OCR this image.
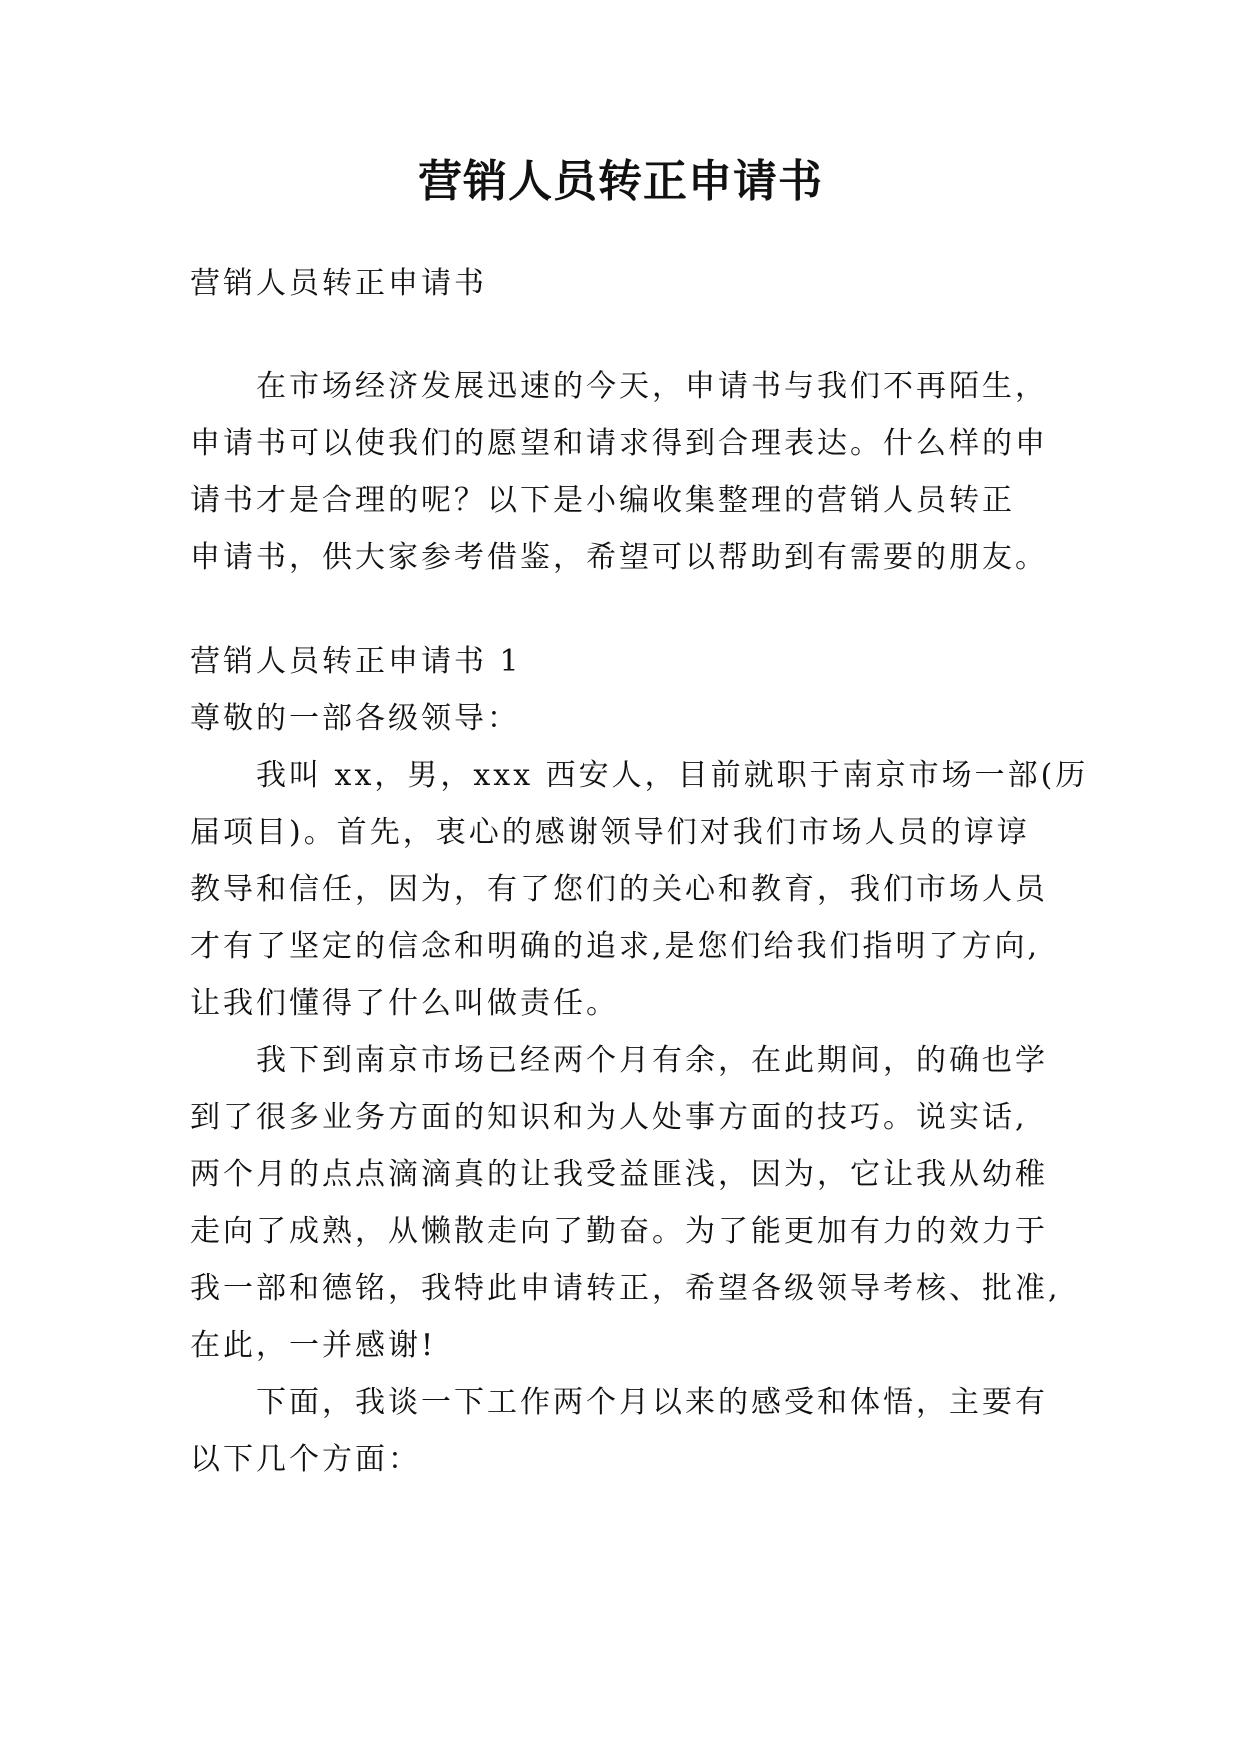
营销人员转正申请书
营销人员转正申请书
在市场经济发展迅速的今天，申请书与我们不再陌生，
申请书可以使我们的愿望和请求得到合理表达。什么样的申
请书才是合理的呢？以下是小编收集整理的营销人员转正
申请书，供大家参考借鉴，希望可以帮助到有需要的朋友。
营销人员转正申请书 1
尊敬的一部各级领导：
我叫 xx，男，xxx 西安人，目前就职于南京市场一部(历
届项目)。首先，衷心的感谢领导们对我们市场人员的谆谆
教导和信任，因为，有了您们的关心和教育，我们市场人员
才有了坚定的信念和明确的追求,是您们给我们指明了方向,
让我们懂得了什么叫做责任。
我下到南京市场已经两个月有余，在此期间，的确也学
到了很多业务方面的知识和为人处事方面的技巧。说实话,
两个月的点点滴滴真的让我受益匪浅，因为，它让我从幼稚
走向了成熟，从懒散走向了勤奋。为了能更加有力的效力于
我一部和德铭，我特此申请转正，希望各级领导考核、批准,
在此，一并感谢!
下面，我谈一下工作两个月以来的感受和体悟，主要有
以下几个方面：
